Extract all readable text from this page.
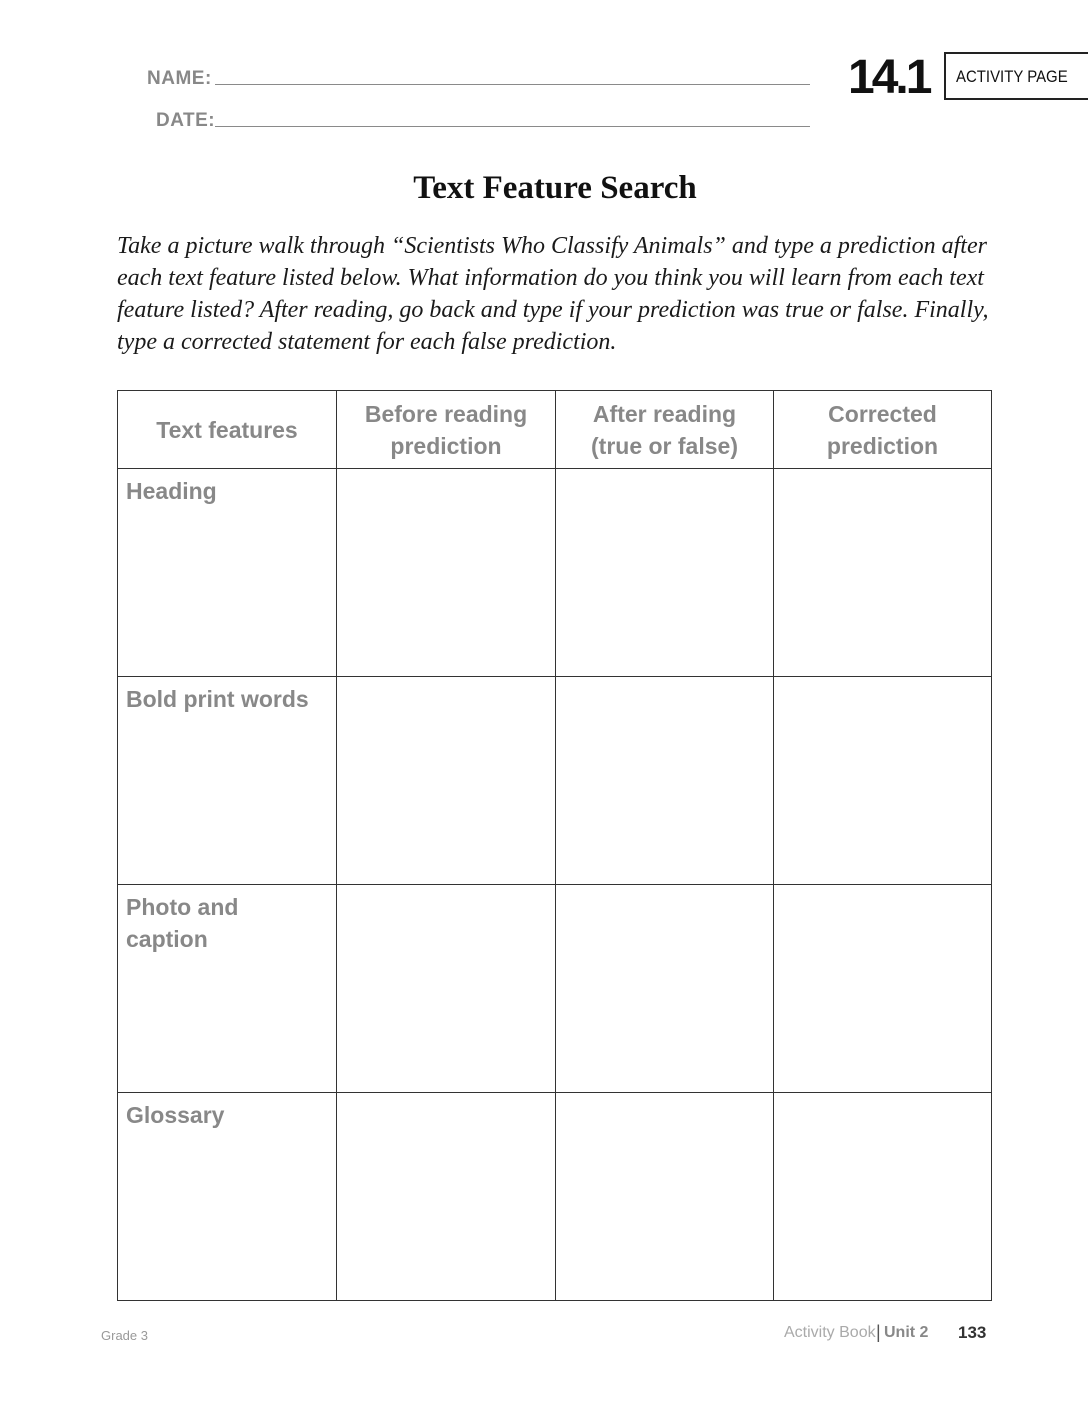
NAME:
DATE:
14.1 ACTIVITY PAGE
Text Feature Search
Take a picture walk through “Scientists Who Classify Animals” and type a prediction after each text feature listed below. What information do you think you will learn from each text feature listed? After reading, go back and type if your prediction was true or false. Finally, type a corrected statement for each false prediction.
Text features	Before reading prediction	After reading (true or false)	Corrected prediction
Heading			
Bold print words			
Photo and caption			
Glossary			
Grade 3	Activity Book | Unit 2 133
